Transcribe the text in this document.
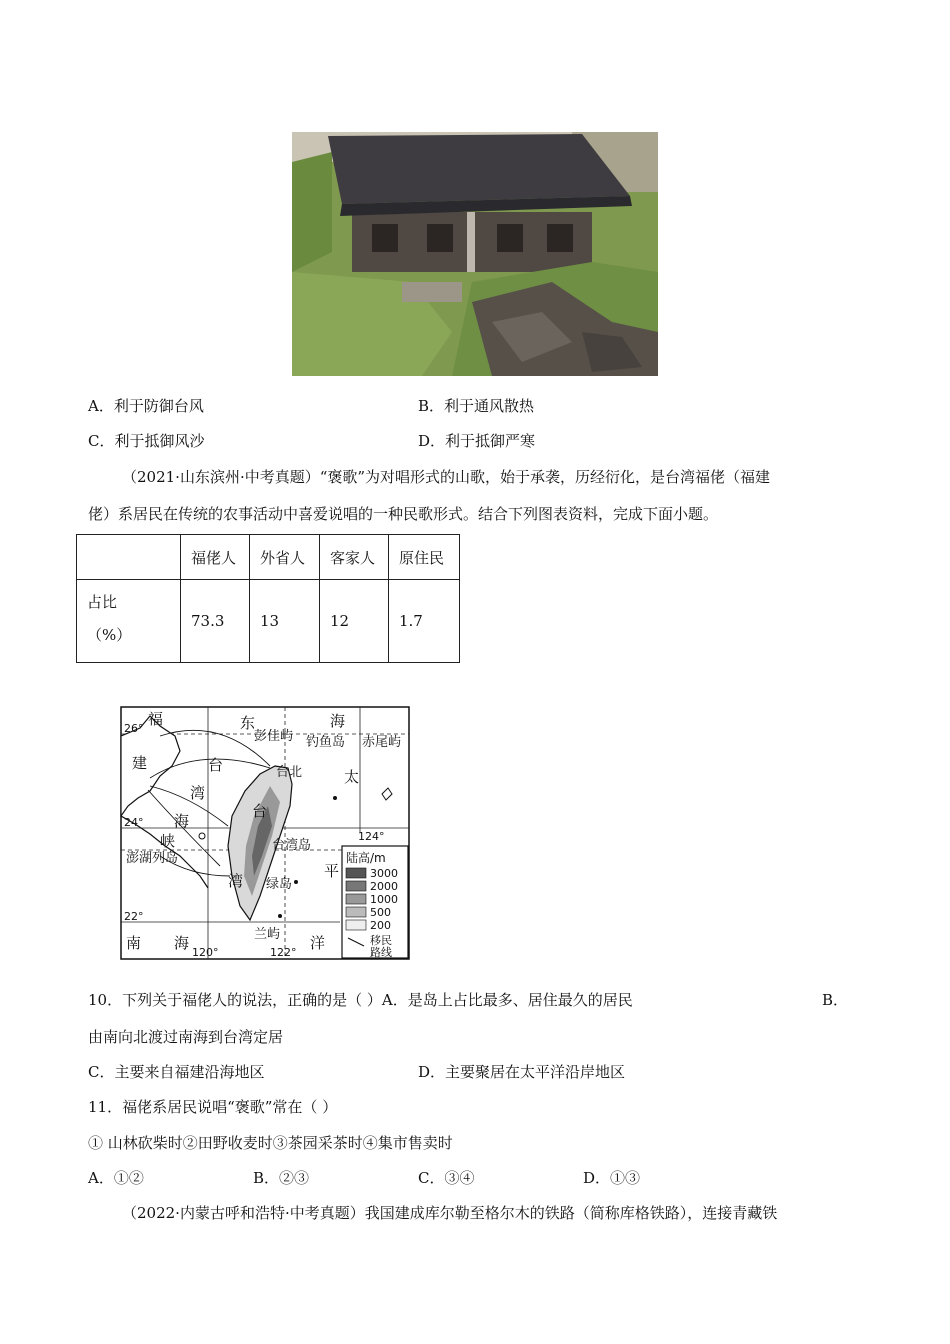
A．利于防御台风	B．利于通风散热
C．利于抵御风沙	D．利于抵御严寒
（2021·山东滨州·中考真题）“褒歌”为对唱形式的山歌，始于承袭，历经衍化，是台湾福佬（福建
佬）系居民在传统的农事活动中喜爱说唱的一种民歌形式。结合下列图表资料，完成下面小题。
	福佬人	外省人	客家人	原住民

占比
（%）	73.3	13	12	1.7
福
建
东	海
台
湾
海
峡
彭佳屿 钓鱼岛 赤尾屿
台北
台
湾
台湾岛
澎湖列岛
绿岛
兰屿
太
平
洋
南 海
26°
24°
22°
120°	122°
124°
陆高/m
3000
2000
1000
500
200
移民
路线
10．下列关于福佬人的说法，正确的是（ ）A．是岛上占比最多、居住最久的居民	B．
由南向北渡过南海到台湾定居
C．主要来自福建沿海地区	D．主要聚居在太平洋沿岸地区
11．福佬系居民说唱“褒歌”常在（ ）
① 山林砍柴时②田野收麦时③茶园采茶时④集市售卖时
A．①②	B．②③	C．③④	D．①③
（2022·内蒙古呼和浩特·中考真题）我国建成库尔勒至格尔木的铁路（简称库格铁路），连接青藏铁
